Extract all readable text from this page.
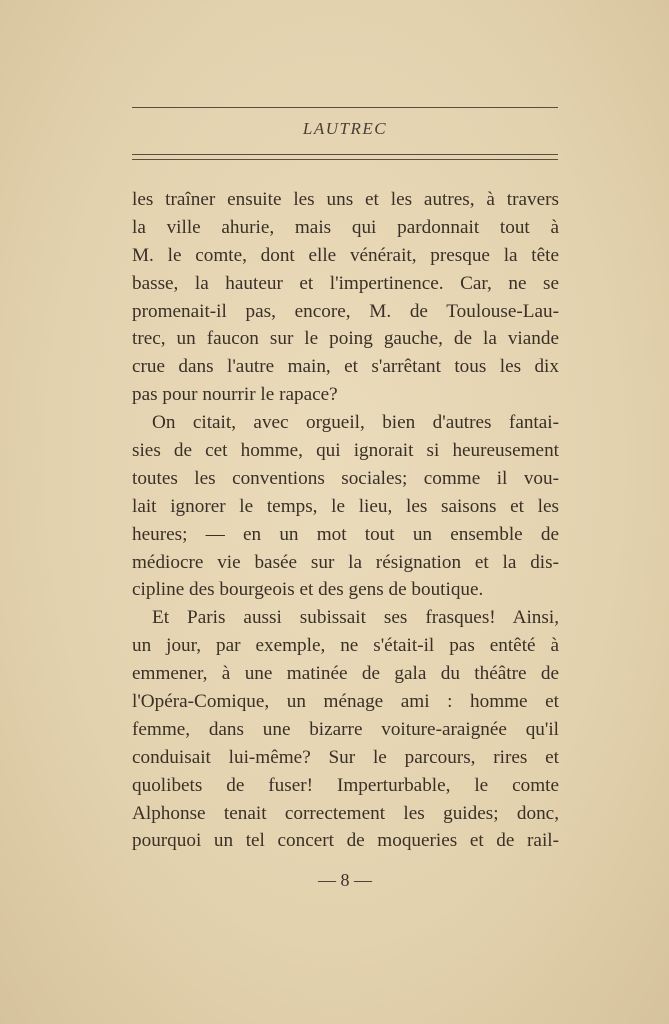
LAUTREC
les traîner ensuite les uns et les autres, à travers
la ville ahurie, mais qui pardonnait tout à
M. le comte, dont elle vénérait, presque la tête
basse, la hauteur et l'impertinence. Car, ne se
promenait-il pas, encore, M. de Toulouse-Lau-
trec, un faucon sur le poing gauche, de la viande
crue dans l'autre main, et s'arrêtant tous les dix
pas pour nourrir le rapace?
On citait, avec orgueil, bien d'autres fantai-
sies de cet homme, qui ignorait si heureusement
toutes les conventions sociales; comme il vou-
lait ignorer le temps, le lieu, les saisons et les
heures; — en un mot tout un ensemble de
médiocre vie basée sur la résignation et la dis-
cipline des bourgeois et des gens de boutique.
Et Paris aussi subissait ses frasques! Ainsi,
un jour, par exemple, ne s'était-il pas entêté à
emmener, à une matinée de gala du théâtre de
l'Opéra-Comique, un ménage ami : homme et
femme, dans une bizarre voiture-araignée qu'il
conduisait lui-même? Sur le parcours, rires et
quolibets de fuser! Imperturbable, le comte
Alphonse tenait correctement les guides; donc,
pourquoi un tel concert de moqueries et de rail-
— 8 —
